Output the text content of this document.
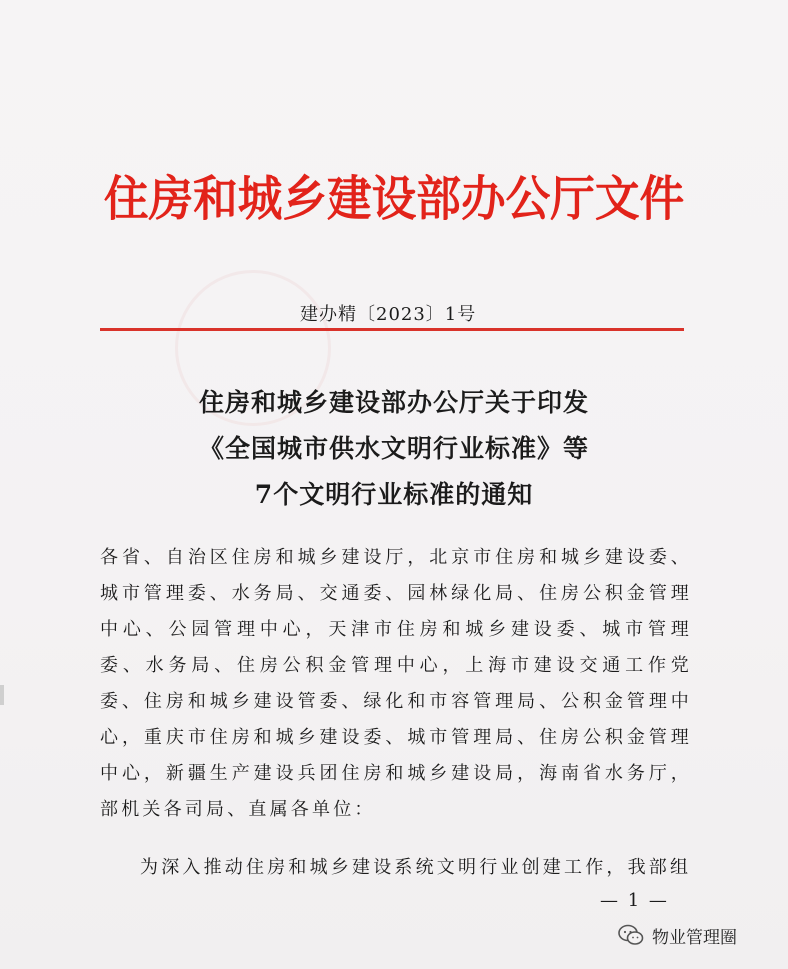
住房和城乡建设部办公厅文件
建办精〔2023〕1号
住房和城乡建设部办公厅关于印发
《全国城市供水文明行业标准》等
7个文明行业标准的通知
各省、自治区住房和城乡建设厅，北京市住房和城乡建设委、城市管理委、水务局、交通委、园林绿化局、住房公积金管理中心、公园管理中心，天津市住房和城乡建设委、城市管理委、水务局、住房公积金管理中心，上海市建设交通工作党委、住房和城乡建设管委、绿化和市容管理局、公积金管理中心，重庆市住房和城乡建设委、城市管理局、住房公积金管理中心，新疆生产建设兵团住房和城乡建设局，海南省水务厅，部机关各司局、直属各单位：
为深入推动住房和城乡建设系统文明行业创建工作，我部组
— 1 —
物业管理圈
